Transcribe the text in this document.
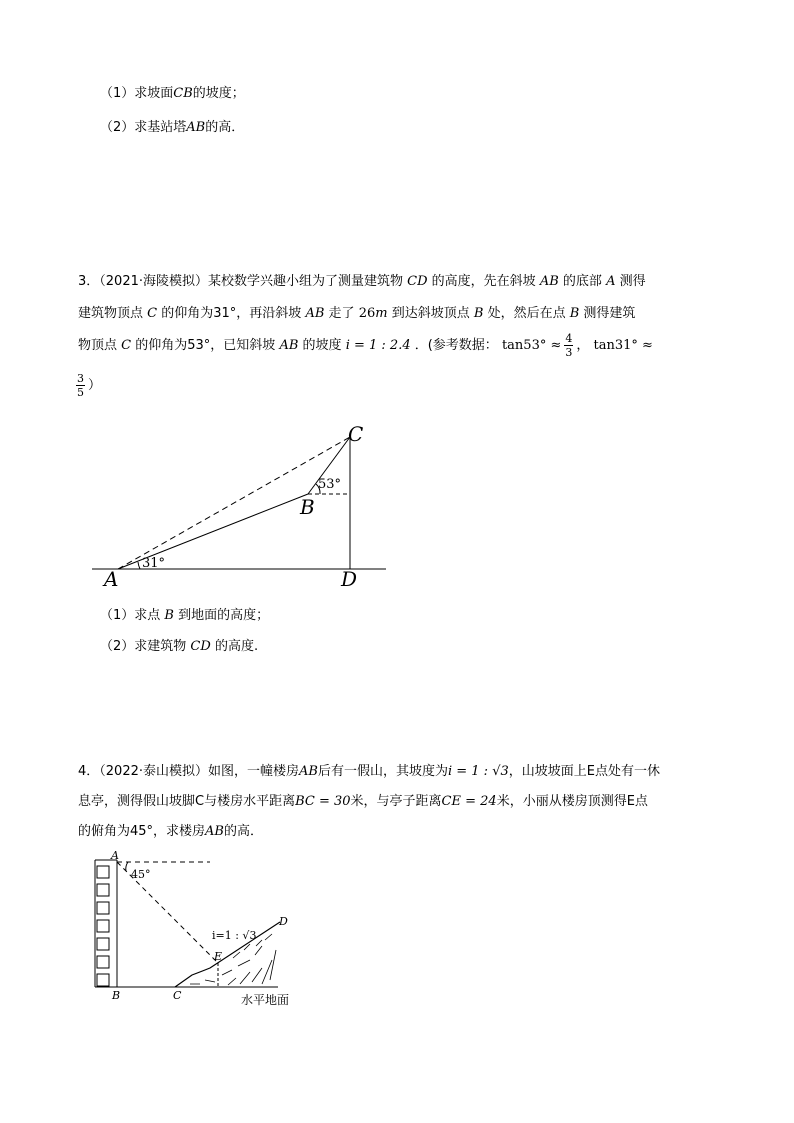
（1）求坡面CB的坡度；
（2）求基站塔AB的高．
3．（2021·海陵模拟）某校数学兴趣小组为了测量建筑物 CD 的高度，先在斜坡 AB 的底部 A 测得
建筑物顶点 C 的仰角为31°，再沿斜坡 AB 走了 26m 到达斜坡顶点 B 处，然后在点 B 测得建筑
物顶点 C 的仰角为53°，已知斜坡 AB 的坡度 i = 1 : 2.4 ．(参考数据： $\tan 53^\circ \approx \frac{4}{3}$ ， tan31° ≈
$\frac{3}{5}$ ）
C
B
A	D
31°
53°
（1）求点 B 到地面的高度；
（2）求建筑物 CD 的高度.
4．（2022·泰山模拟）如图，一幢楼房AB后有一假山，其坡度为i = 1 : √3，山坡坡面上E点处有一休
息亭，测得假山坡脚C与楼房水平距离BC = 30米，与亭子距离CE = 24米，小丽从楼房顶测得E点
的俯角为45°，求楼房AB的高．
A
B	C
D
E
45°
i=1 : √3
水平地面
